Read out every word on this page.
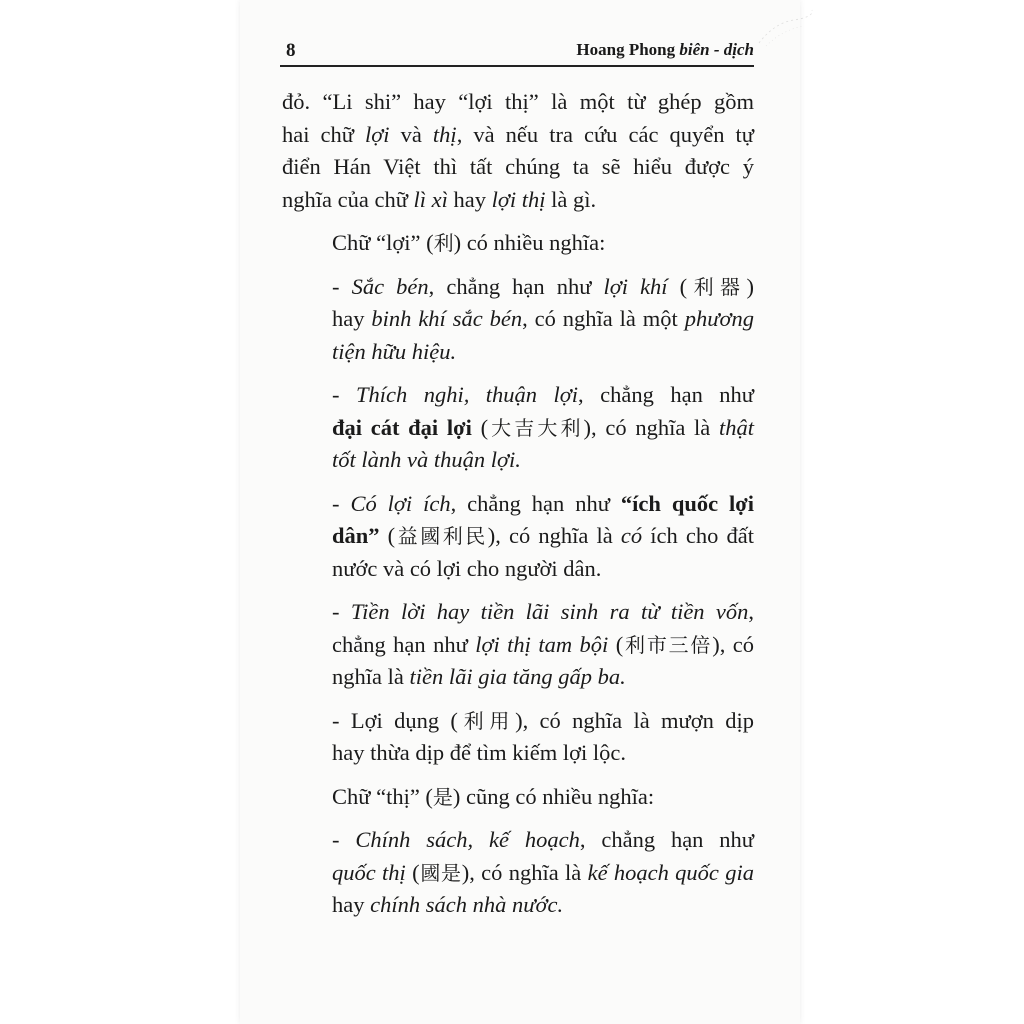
8	Hoang Phong biên - dịch

đỏ. “Li shi” hay “lợi thị” là một từ ghép gồm
hai chữ lợi và thị, và nếu tra cứu các quyển tự
điển Hán Việt thì tất chúng ta sẽ hiểu được ý
nghĩa của chữ lì xì hay lợi thị là gì.

Chữ “lợi” (利) có nhiều nghĩa:

- Sắc bén, chẳng hạn như lợi khí (利器)
hay binh khí sắc bén, có nghĩa là một phương
tiện hữu hiệu.

- Thích nghi, thuận lợi, chẳng hạn như
đại cát đại lợi (大吉大利), có nghĩa là thật
tốt lành và thuận lợi.

- Có lợi ích, chẳng hạn như “ích quốc lợi
dân” (益國利民), có nghĩa là có ích cho đất
nước và có lợi cho người dân.

- Tiền lời hay tiền lãi sinh ra từ tiền vốn,
chẳng hạn như lợi thị tam bội (利市三倍), có
nghĩa là tiền lãi gia tăng gấp ba.

- Lợi dụng (利用), có nghĩa là mượn dịp
hay thừa dịp để tìm kiếm lợi lộc.

Chữ “thị” (是) cũng có nhiều nghĩa:

- Chính sách, kế hoạch, chẳng hạn như
quốc thị (國是), có nghĩa là kế hoạch quốc gia
hay chính sách nhà nước.
